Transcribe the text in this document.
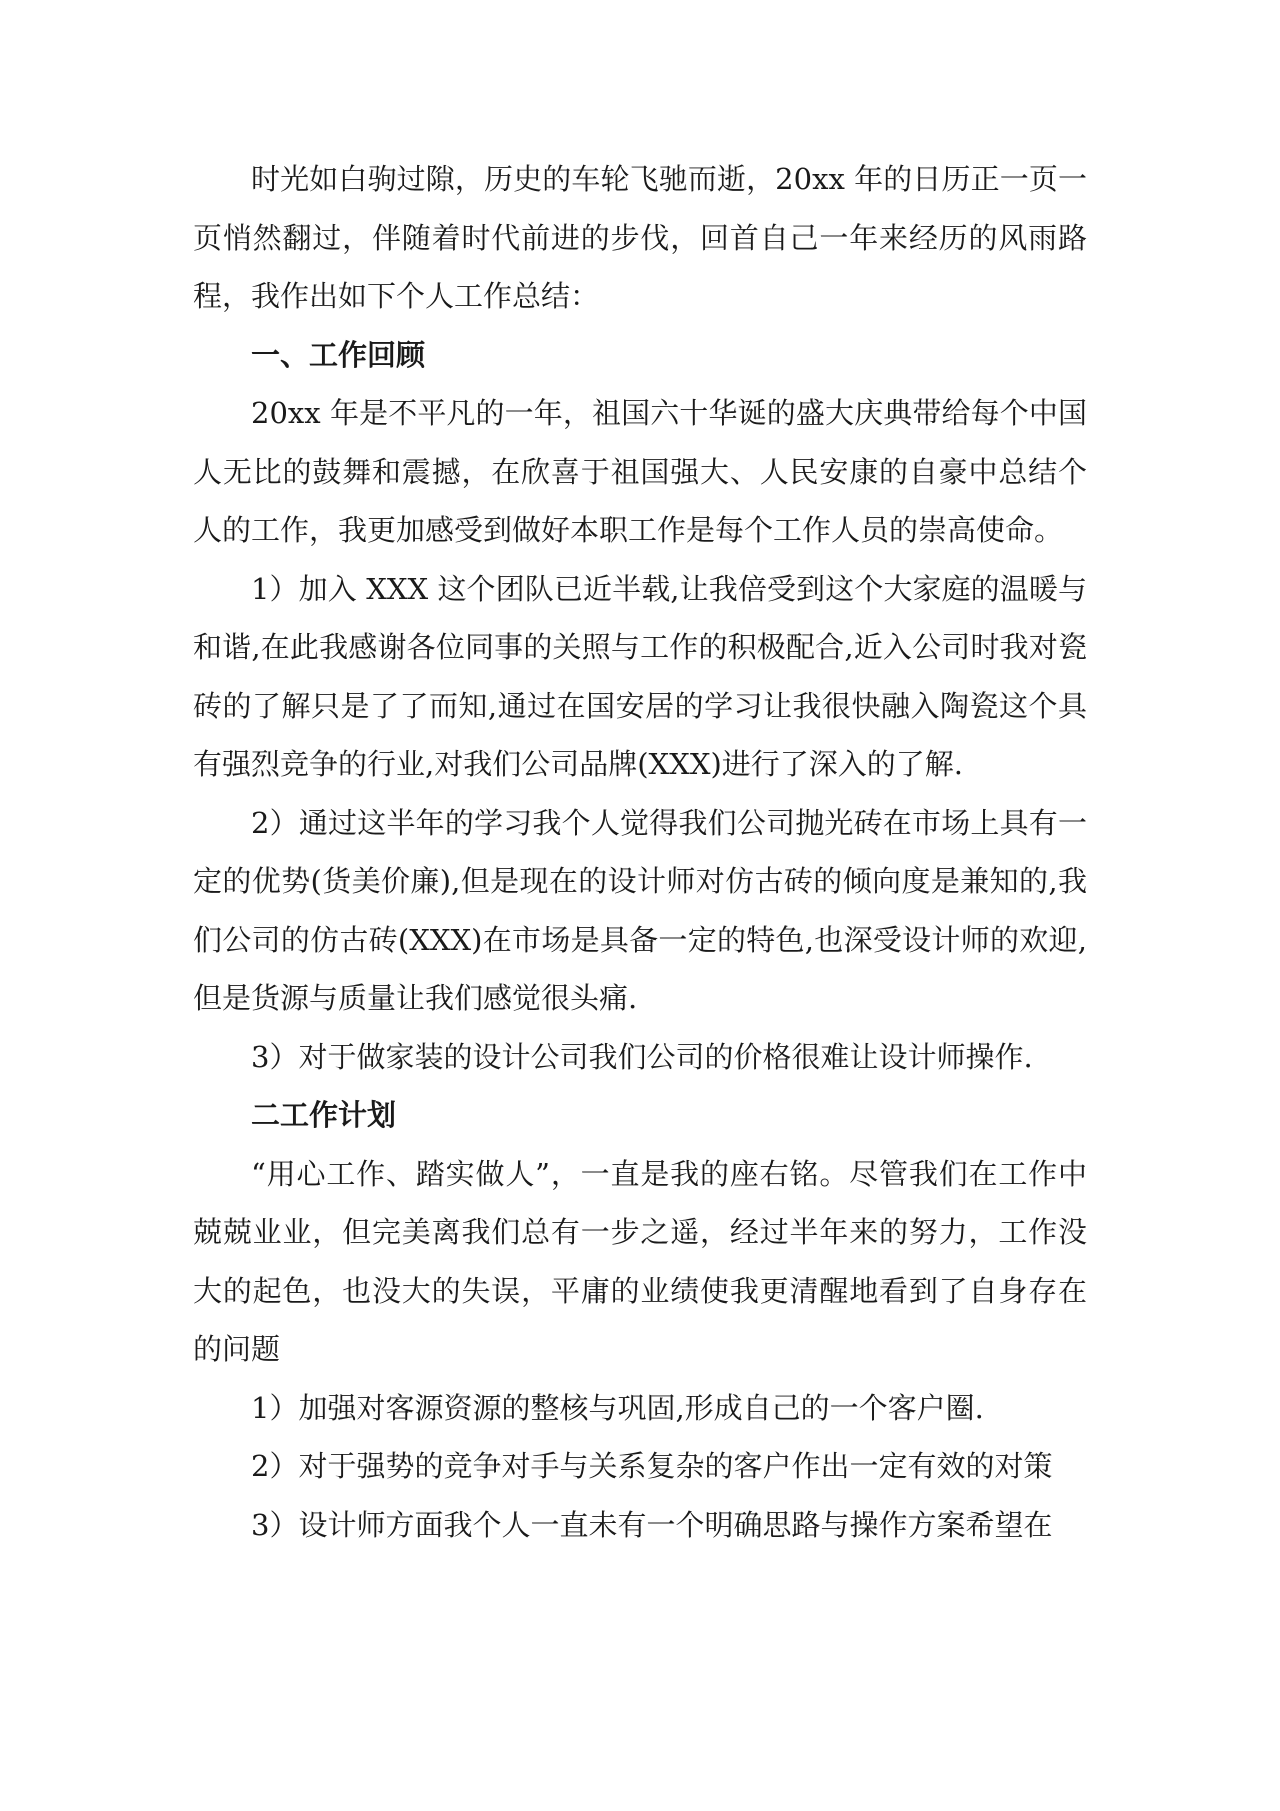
时光如白驹过隙，历史的车轮飞驰而逝，20xx 年的日历正一页一页悄然翻过，伴随着时代前进的步伐，回首自己一年来经历的风雨路程，我作出如下个人工作总结：

一、工作回顾

20xx 年是不平凡的一年，祖国六十华诞的盛大庆典带给每个中国人无比的鼓舞和震撼，在欣喜于祖国强大、人民安康的自豪中总结个人的工作，我更加感受到做好本职工作是每个工作人员的崇高使命。

1）加入 XXX 这个团队已近半载,让我倍受到这个大家庭的温暖与和谐,在此我感谢各位同事的关照与工作的积极配合,近入公司时我对瓷砖的了解只是了了而知,通过在国安居的学习让我很快融入陶瓷这个具有强烈竞争的行业,对我们公司品牌(XXX)进行了深入的了解.

2）通过这半年的学习我个人觉得我们公司抛光砖在市场上具有一定的优势(货美价廉),但是现在的设计师对仿古砖的倾向度是兼知的,我们公司的仿古砖(XXX)在市场是具备一定的特色,也深受设计师的欢迎,但是货源与质量让我们感觉很头痛.

3）对于做家装的设计公司我们公司的价格很难让设计师操作.

二工作计划

“用心工作、踏实做人”，一直是我的座右铭。尽管我们在工作中兢兢业业，但完美离我们总有一步之遥，经过半年来的努力，工作没大的起色，也没大的失误，平庸的业绩使我更清醒地看到了自身存在的问题

1）加强对客源资源的整核与巩固,形成自己的一个客户圈.

2）对于强势的竞争对手与关系复杂的客户作出一定有效的对策

3）设计师方面我个人一直未有一个明确思路与操作方案希望在
